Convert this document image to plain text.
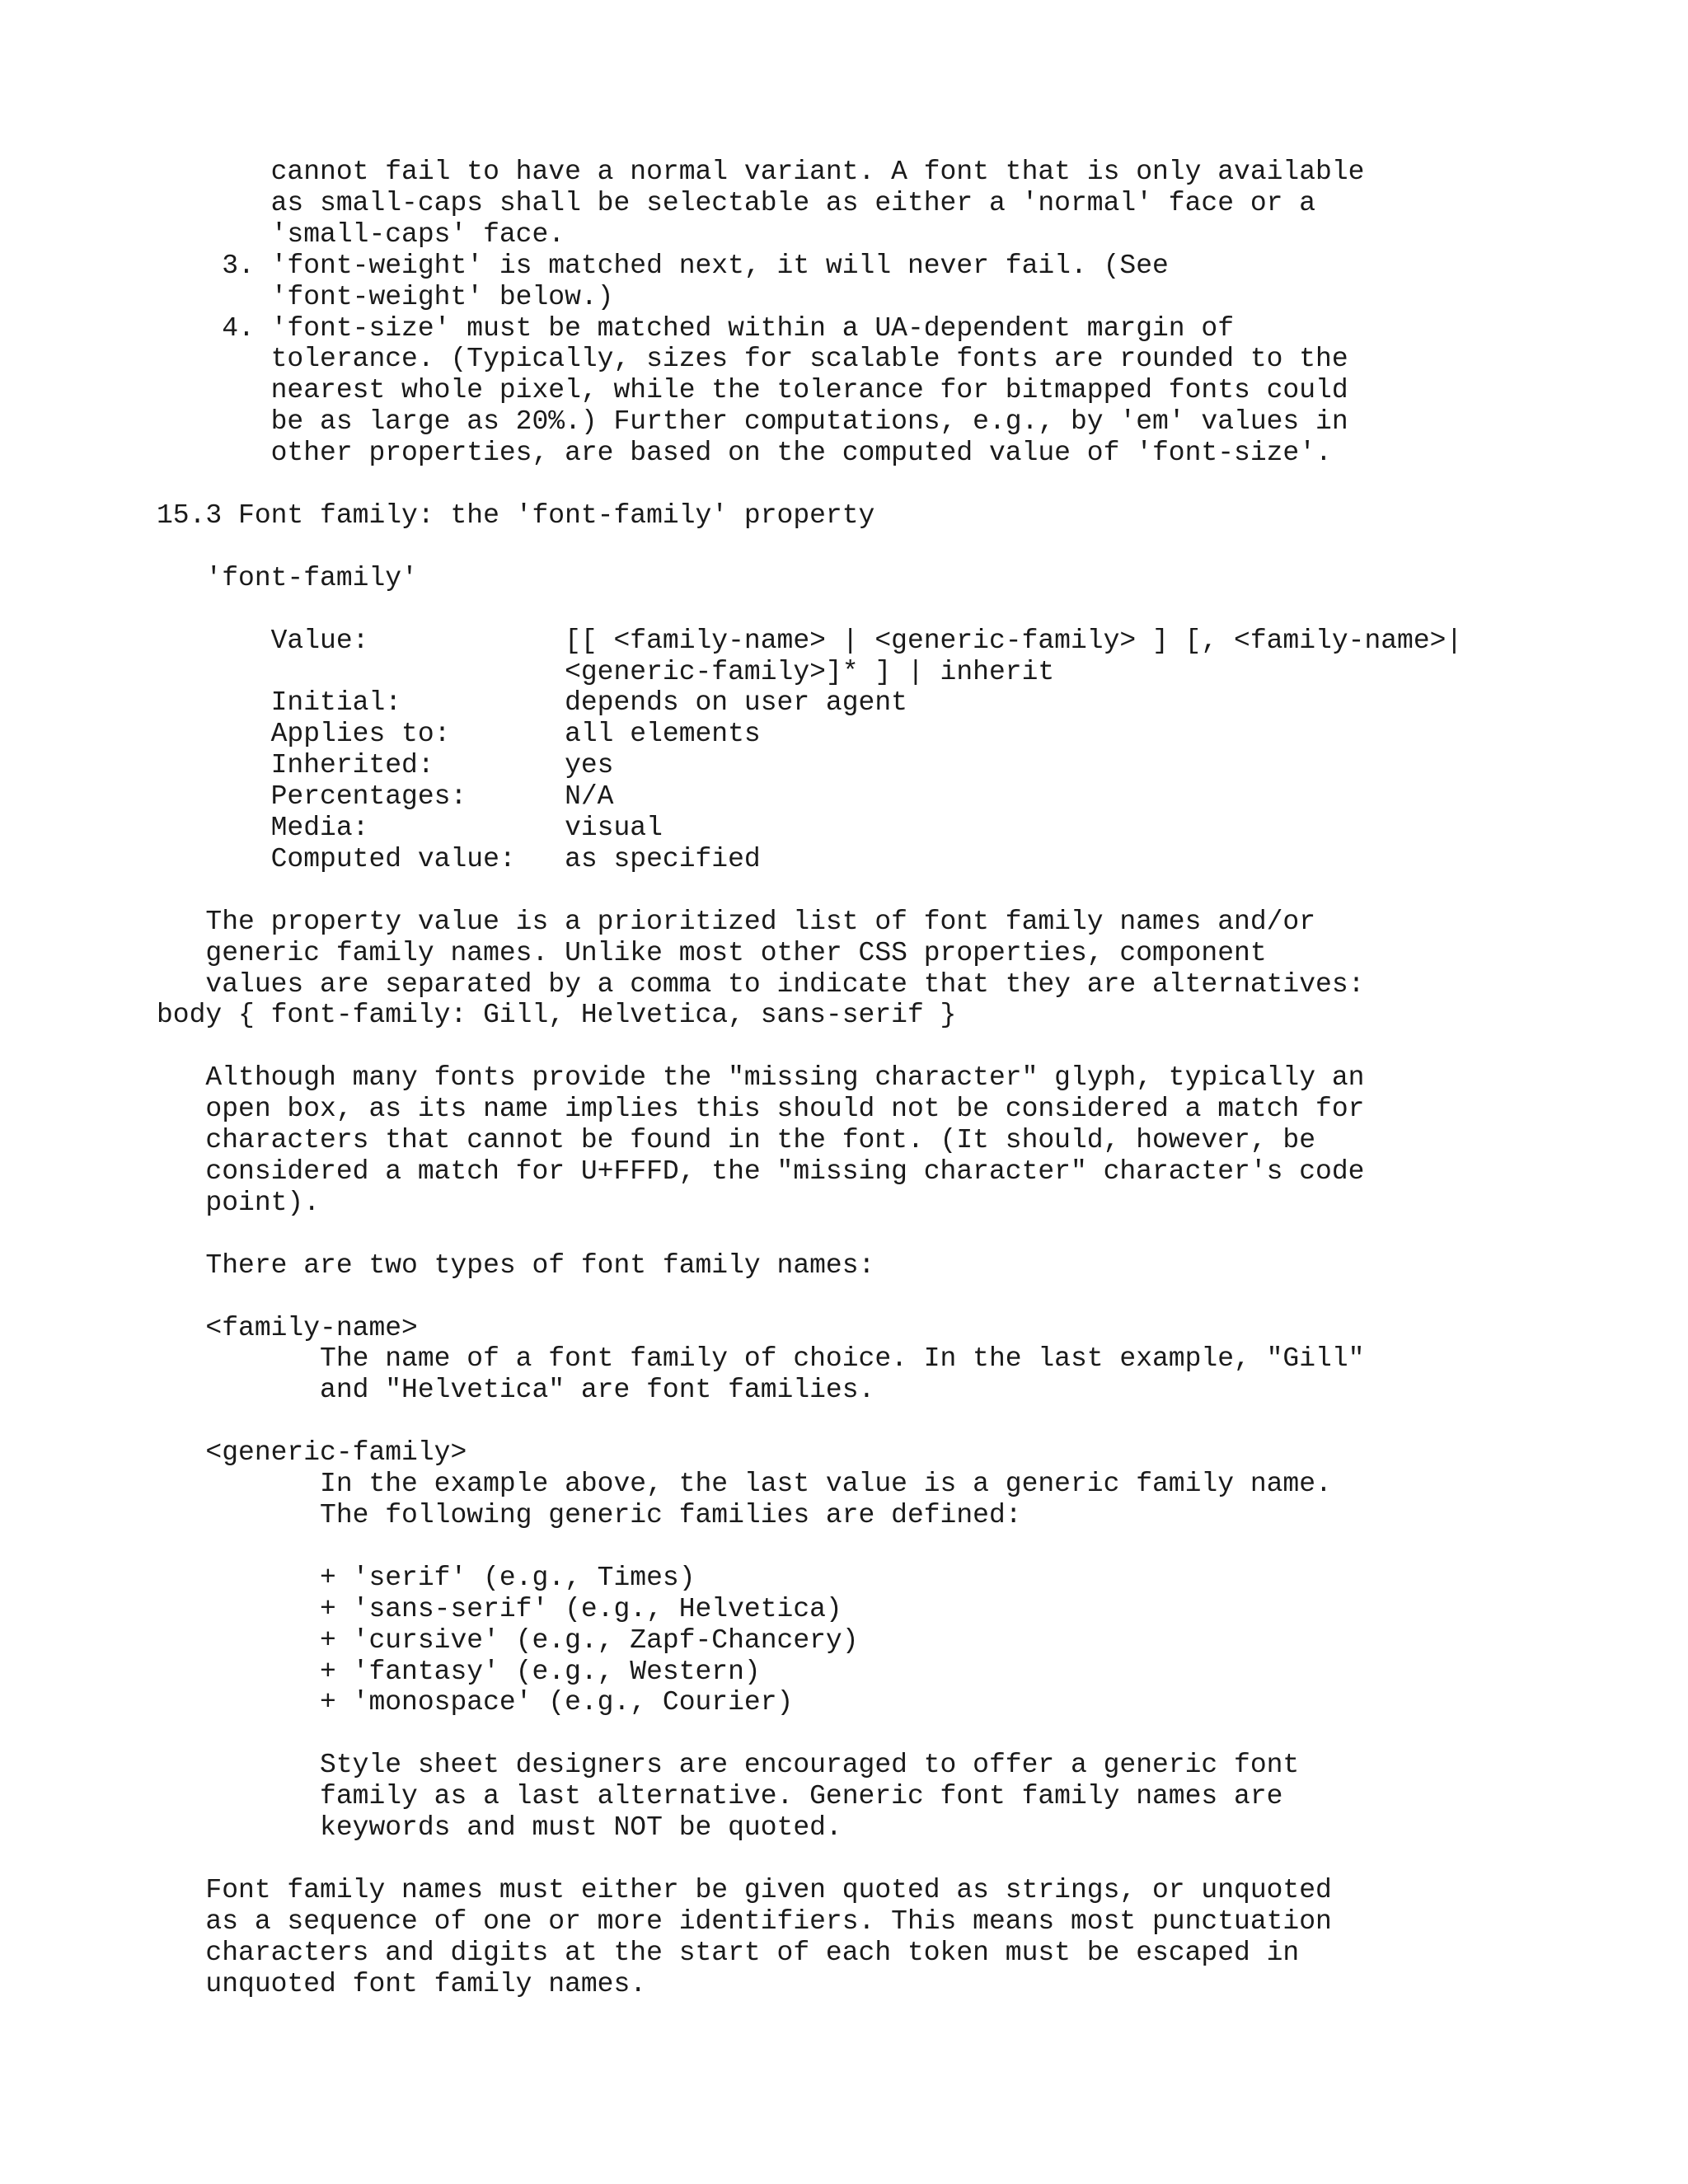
cannot fail to have a normal variant. A font that is only available
as small-caps shall be selectable as either a 'normal' face or a
'small-caps' face.
3. 'font-weight' is matched next, it will never fail. (See
'font-weight' below.)
4. 'font-size' must be matched within a UA-dependent margin of
tolerance. (Typically, sizes for scalable fonts are rounded to the
nearest whole pixel, while the tolerance for bitmapped fonts could
be as large as 20%.) Further computations, e.g., by 'em' values in
other properties, are based on the computed value of 'font-size'.

15.3 Font family: the 'font-family' property

'font-family'

Value:            [[ <family-name> | <generic-family> ] [, <family-name>|
<generic-family>]* ] | inherit
Initial:          depends on user agent
Applies to:       all elements
Inherited:        yes
Percentages:      N/A
Media:            visual
Computed value:   as specified

The property value is a prioritized list of font family names and/or
generic family names. Unlike most other CSS properties, component
values are separated by a comma to indicate that they are alternatives:
body { font-family: Gill, Helvetica, sans-serif }

Although many fonts provide the "missing character" glyph, typically an
open box, as its name implies this should not be considered a match for
characters that cannot be found in the font. (It should, however, be
considered a match for U+FFFD, the "missing character" character's code
point).

There are two types of font family names:

<family-name>
The name of a font family of choice. In the last example, "Gill"
and "Helvetica" are font families.

<generic-family>
In the example above, the last value is a generic family name.
The following generic families are defined:

+ 'serif' (e.g., Times)
+ 'sans-serif' (e.g., Helvetica)
+ 'cursive' (e.g., Zapf-Chancery)
+ 'fantasy' (e.g., Western)
+ 'monospace' (e.g., Courier)

Style sheet designers are encouraged to offer a generic font
family as a last alternative. Generic font family names are
keywords and must NOT be quoted.

Font family names must either be given quoted as strings, or unquoted
as a sequence of one or more identifiers. This means most punctuation
characters and digits at the start of each token must be escaped in
unquoted font family names.
